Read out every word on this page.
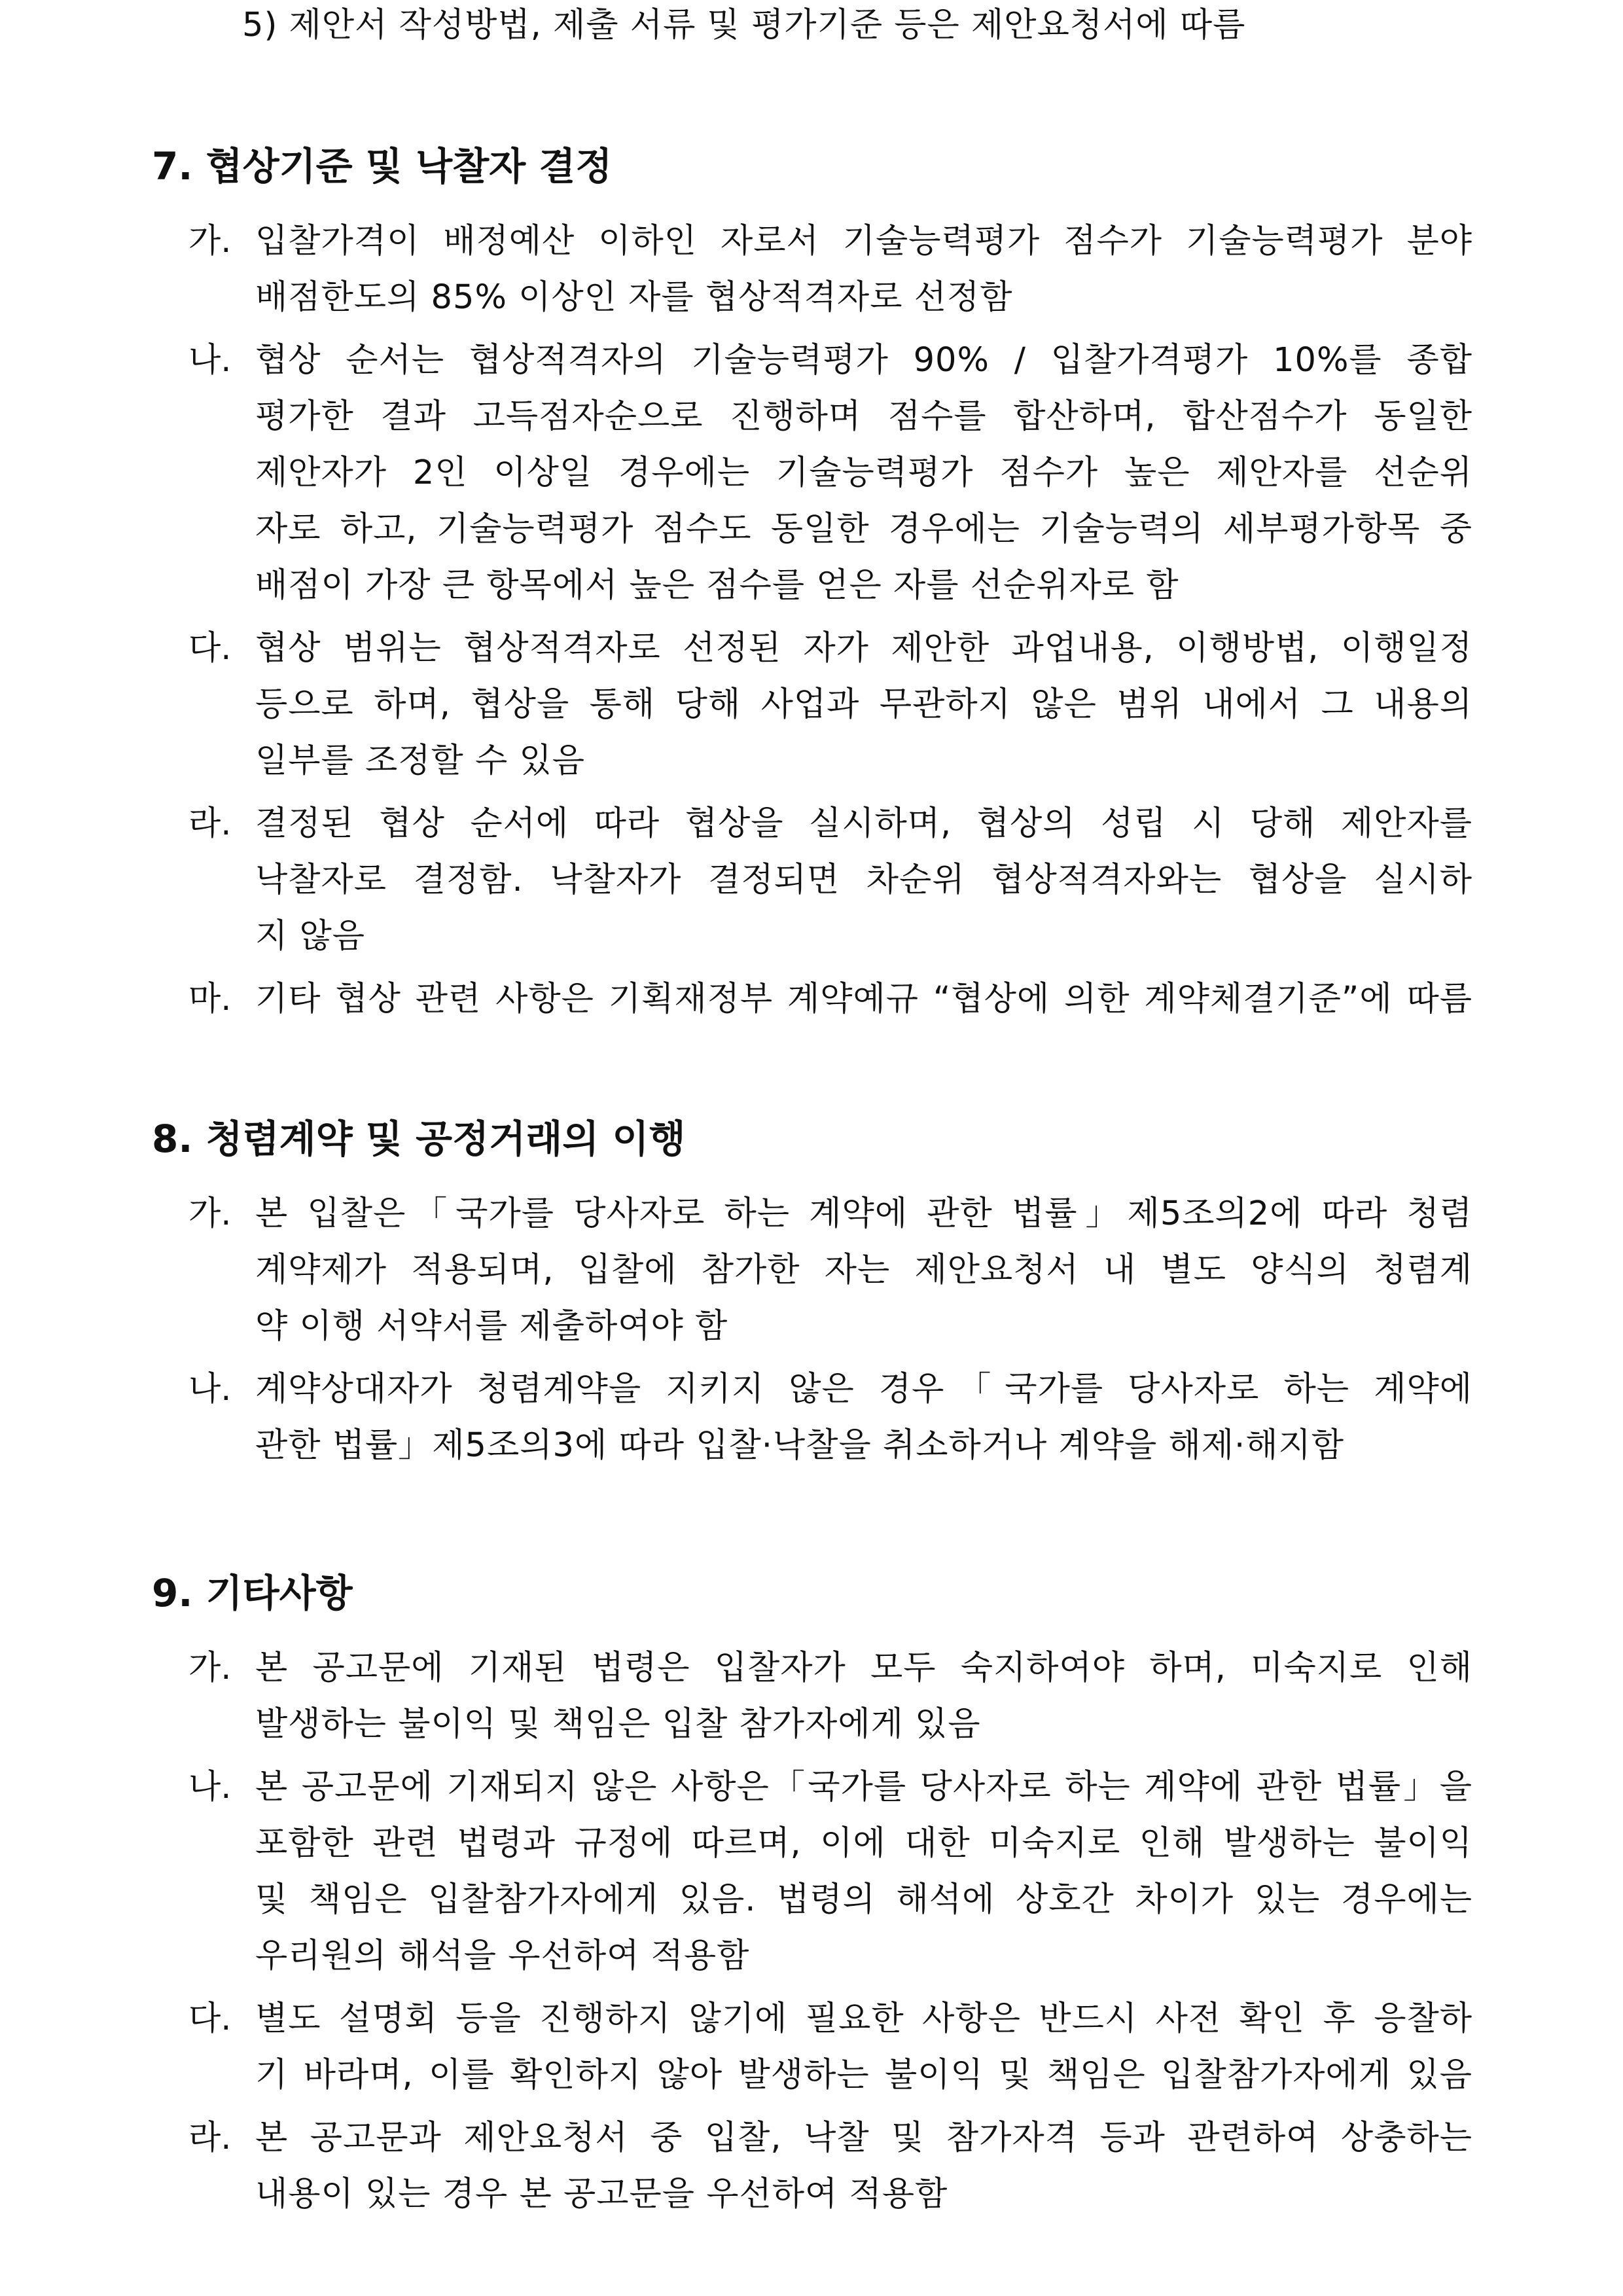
5) 제안서 작성방법, 제출 서류 및 평가기준 등은 제안요청서에 따름
7. 협상기준 및 낙찰자 결정
가. 입찰가격이 배정예산 이하인 자로서 기술능력평가 점수가 기술능력평가 분야
배점한도의 85% 이상인 자를 협상적격자로 선정함
나. 협상 순서는 협상적격자의 기술능력평가 90% / 입찰가격평가 10%를 종합
평가한 결과 고득점자순으로 진행하며 점수를 합산하며, 합산점수가 동일한
제안자가 2인 이상일 경우에는 기술능력평가 점수가 높은 제안자를 선순위
자로 하고, 기술능력평가 점수도 동일한 경우에는 기술능력의 세부평가항목 중
배점이 가장 큰 항목에서 높은 점수를 얻은 자를 선순위자로 함
다. 협상 범위는 협상적격자로 선정된 자가 제안한 과업내용, 이행방법, 이행일정
등으로 하며, 협상을 통해 당해 사업과 무관하지 않은 범위 내에서 그 내용의
일부를 조정할 수 있음
라. 결정된 협상 순서에 따라 협상을 실시하며, 협상의 성립 시 당해 제안자를
낙찰자로 결정함. 낙찰자가 결정되면 차순위 협상적격자와는 협상을 실시하
지 않음
마. 기타 협상 관련 사항은 기획재정부 계약예규 “협상에 의한 계약체결기준”에 따름
8. 청렴계약 및 공정거래의 이행
가. 본 입찰은「국가를 당사자로 하는 계약에 관한 법률」제5조의2에 따라 청렴
계약제가 적용되며, 입찰에 참가한 자는 제안요청서 내 별도 양식의 청렴계
약 이행 서약서를 제출하여야 함
나. 계약상대자가 청렴계약을 지키지 않은 경우「국가를 당사자로 하는 계약에
관한 법률」제5조의3에 따라 입찰·낙찰을 취소하거나 계약을 해제·해지함
9. 기타사항
가. 본 공고문에 기재된 법령은 입찰자가 모두 숙지하여야 하며, 미숙지로 인해
발생하는 불이익 및 책임은 입찰 참가자에게 있음
나. 본 공고문에 기재되지 않은 사항은「국가를 당사자로 하는 계약에 관한 법률」을
포함한 관련 법령과 규정에 따르며, 이에 대한 미숙지로 인해 발생하는 불이익
및 책임은 입찰참가자에게 있음. 법령의 해석에 상호간 차이가 있는 경우에는
우리원의 해석을 우선하여 적용함
다. 별도 설명회 등을 진행하지 않기에 필요한 사항은 반드시 사전 확인 후 응찰하
기 바라며, 이를 확인하지 않아 발생하는 불이익 및 책임은 입찰참가자에게 있음
라. 본 공고문과 제안요청서 중 입찰, 낙찰 및 참가자격 등과 관련하여 상충하는
내용이 있는 경우 본 공고문을 우선하여 적용함
